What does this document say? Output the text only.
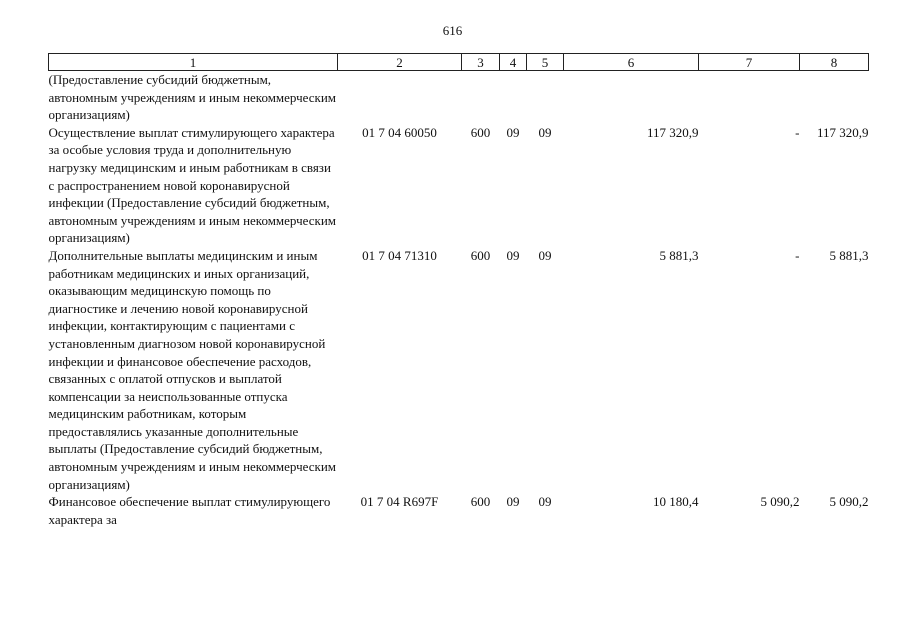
616
1	2	3	4	5	6	7	8
(Предоставление субсидий бюджетным, автономным учреждениям и иным некоммерческим организациям)							
Осуществление выплат стимулирующего характера за особые условия труда и дополнительную нагрузку медицинским и иным работникам в связи с распространением новой коронавирусной инфекции (Предоставление субсидий бюджетным, автономным учреждениям и иным некоммерческим организациям)	01 7 04 60050	600	09	09	117 320,9	-	117 320,9
Дополнительные выплаты медицинским и иным работникам медицинских и иных организаций, оказывающим медицинскую помощь по диагностике и лечению новой коронавирусной инфекции, контактирующим с пациентами с установленным диагнозом новой коронавирусной инфекции и финансовое обеспечение расходов, связанных с оплатой отпусков и выплатой компенсации за неиспользованные отпуска медицинским работникам, которым предоставлялись указанные дополнительные выплаты (Предоставление субсидий бюджетным, автономным учреждениям и иным некоммерческим организациям)	01 7 04 71310	600	09	09	5 881,3	-	5 881,3
Финансовое обеспечение выплат стимулирующего характера за	01 7 04 R697F	600	09	09	10 180,4	5 090,2	5 090,2
